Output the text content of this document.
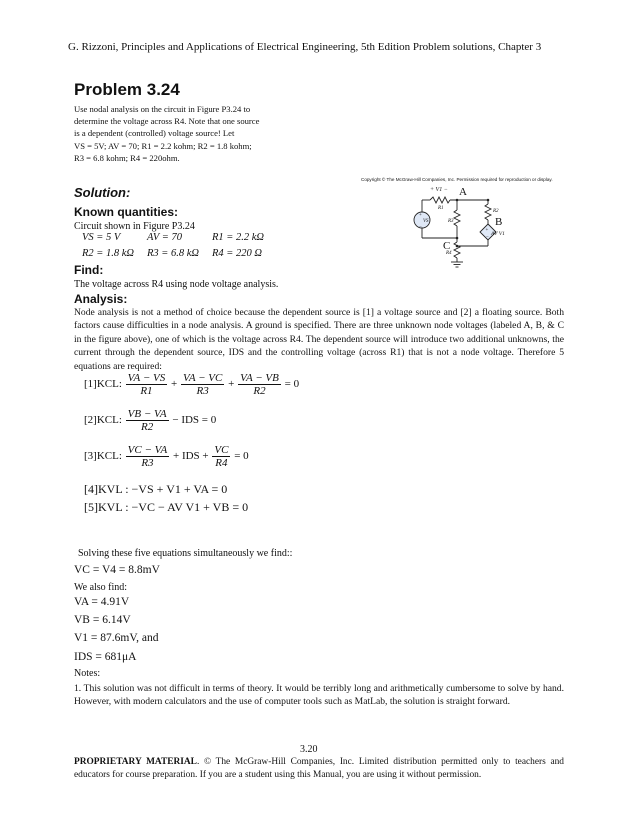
G. Rizzoni, Principles and Applications of Electrical Engineering, 5th Edition Problem solutions, Chapter 3
Problem 3.24
Use nodal analysis on the circuit in Figure P3.24 to
determine the voltage across R4. Note that one source
is a dependent (controlled) voltage source! Let
VS = 5V; AV = 70; R1 = 2.2 kohm; R2 = 1.8 kohm;
R3 = 6.8 kohm; R4 = 220ohm.
Copyright © The McGraw-Hill Companies, Inc. Permission required for reproduction or display.
+ V1 −
R1
A
R2
B
AV V1
R3
C
R4
VS
+
−
+
−
Solution:
Known quantities:
Circuit shown in Figure P3.24
VS = 5 V	AV = 70	R1 = 2.2 kΩ
R2 = 1.8 kΩ R3 = 6.8 kΩ R4 = 220 Ω
Find:
The voltage across R4 using node voltage analysis.
Analysis:
Node analysis is not a method of choice because the dependent source is [1] a voltage source and [2] a floating source. Both factors cause difficulties in a node analysis. A ground is specified. There are three unknown node voltages (labeled A, B, & C in the figure above), one of which is the voltage across R4. The dependent source will introduce two additional unknowns, the current through the dependent source, IDS and the controlling voltage (across R1) that is not a node voltage. Therefore 5 equations are required:
[1]KCL: $\frac{VA - VS}{R1} + \frac{VA - VC}{R3} + \frac{VA - VB}{R2} = 0$
[2]KCL: $\frac{VB - VA}{R2}$ − IDS = 0
[3]KCL: $\frac{VC - VA}{R3}$ + IDS + $\frac{VC}{R4} = 0$
[4]KVL : −VS + V1 + VA = 0
[5]KVL : −VC − AV V1 + VB = 0
Solving these five equations simultaneously we find::
VC = V4 = 8.8mV
We also find:
VA = 4.91V
VB = 6.14V
V1 = 87.6mV, and
IDS = 681μA
Notes:
1. This solution was not difficult in terms of theory. It would be terribly long and arithmetically cumbersome to solve by hand. However, with modern calculators and the use of computer tools such as MatLab, the solution is straight forward.
3.20
PROPRIETARY MATERIAL. © The McGraw-Hill Companies, Inc. Limited distribution permitted only to teachers and educators for course preparation. If you are a student using this Manual, you are using it without permission.
